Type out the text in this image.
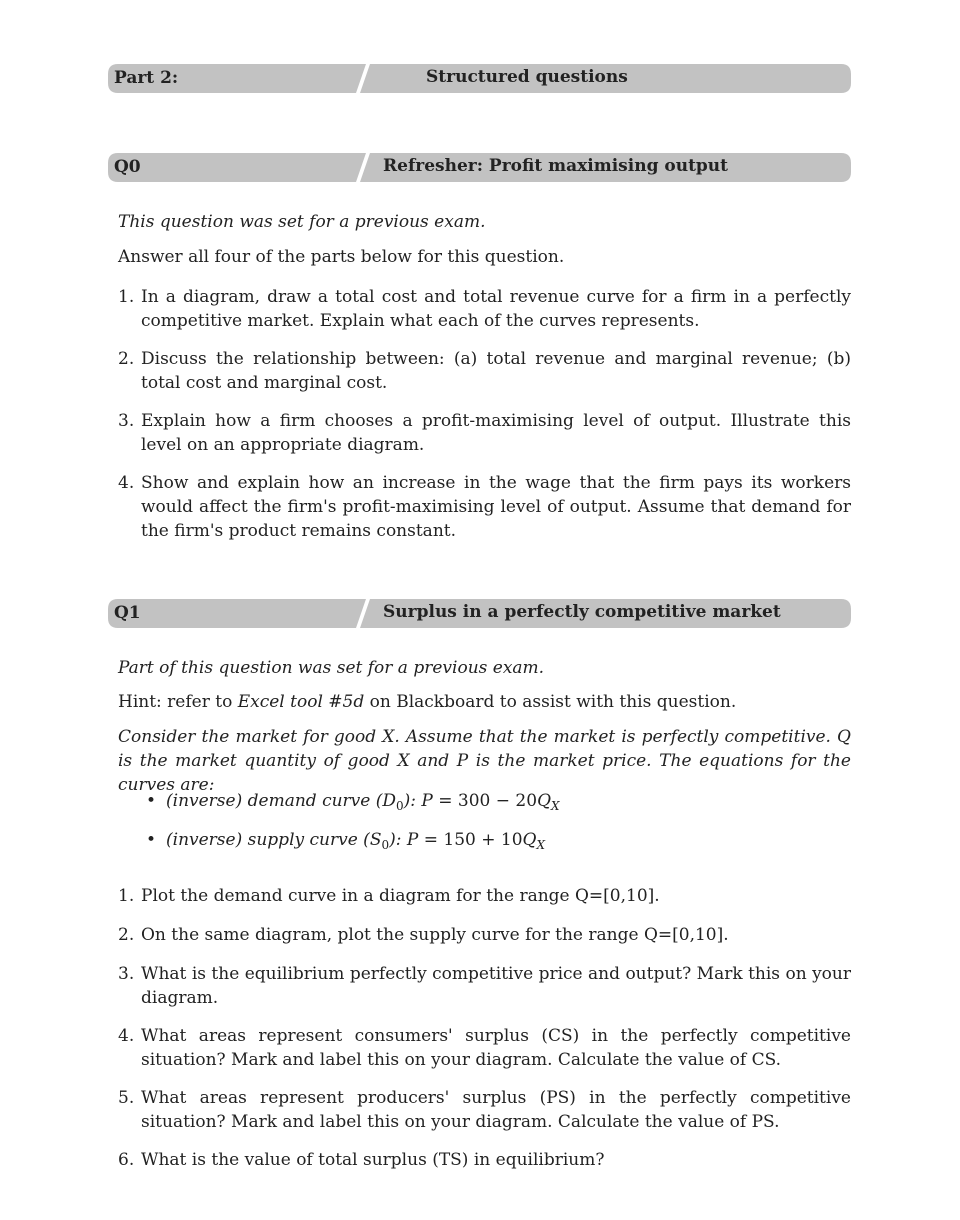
Part 2:	Structured questions
Q0	Refresher: Profit maximising output
This question was set for a previous exam.
Answer all four of the parts below for this question.
1. In a diagram, draw a total cost and total revenue curve for a firm in a perfectly competitive market. Explain what each of the curves represents.
2. Discuss the relationship between: (a) total revenue and marginal revenue; (b) total cost and marginal cost.
3. Explain how a firm chooses a profit-maximising level of output. Illustrate this level on an appropriate diagram.
4. Show and explain how an increase in the wage that the firm pays its workers would affect the firm's profit-maximising level of output. Assume that demand for the firm's product remains constant.
Q1	Surplus in a perfectly competitive market
Part of this question was set for a previous exam.
Hint: refer to Excel tool #5d on Blackboard to assist with this question.
Consider the market for good X. Assume that the market is perfectly competitive. Q is the market quantity of good X and P is the market price. The equations for the curves are:
• (inverse) demand curve $(D_0)$: $P = 300 - 20Q_X$
• (inverse) supply curve $(S_0)$: $P = 150 + 10Q_X$
1. Plot the demand curve in a diagram for the range Q=[0,10].
2. On the same diagram, plot the supply curve for the range Q=[0,10].
3. What is the equilibrium perfectly competitive price and output? Mark this on your diagram.
4. What areas represent consumers' surplus (CS) in the perfectly competitive situation? Mark and label this on your diagram. Calculate the value of CS.
5. What areas represent producers' surplus (PS) in the perfectly competitive situation? Mark and label this on your diagram. Calculate the value of PS.
6. What is the value of total surplus (TS) in equilibrium?
